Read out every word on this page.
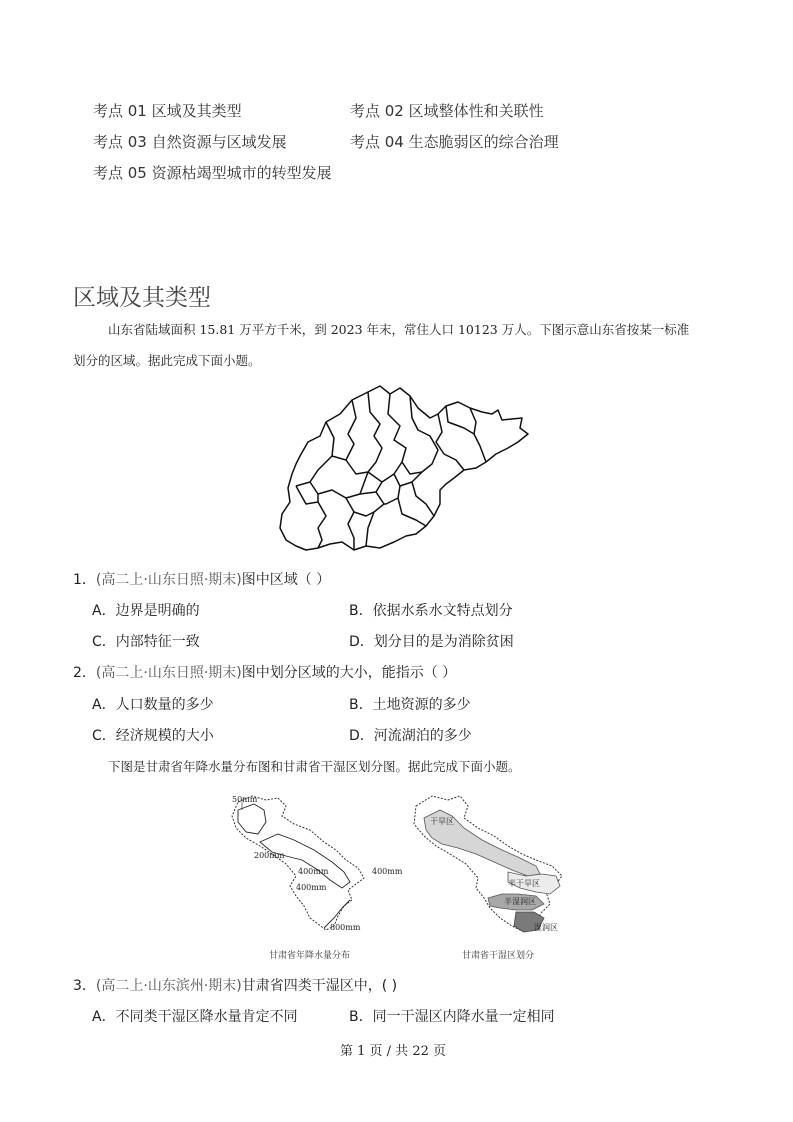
考点 01 区域及其类型	考点 02 区域整体性和关联性
考点 03 自然资源与区域发展	考点 04 生态脆弱区的综合治理
考点 05 资源枯竭型城市的转型发展
区域及其类型
山东省陆域面积 15.81 万平方千米，到 2023 年末，常住人口 10123 万人。下图示意山东省按某一标准
划分的区域。据此完成下面小题。
1．(高二上·山东日照·期末)图中区域（ ）
A．边界是明确的	B．依据水系水文特点划分
C．内部特征一致	D．划分目的是为消除贫困
2．(高二上·山东日照·期末)图中划分区域的大小，能指示（ ）
A．人口数量的多少	B．土地资源的多少
C．经济规模的大小	D．河流湖泊的多少
下图是甘肃省年降水量分布图和甘肃省干湿区划分图。据此完成下面小题。
50mm
200mm
400mm
400mm
400mm
800mm
甘肃省年降水量分布
干旱区
半干旱区
半湿润区
湿润区
甘肃省干湿区划分
3．(高二上·山东滨州·期末)甘肃省四类干湿区中，( )
A．不同类干湿区降水量肯定不同	B．同一干湿区内降水量一定相同
第 1 页 / 共 22 页
